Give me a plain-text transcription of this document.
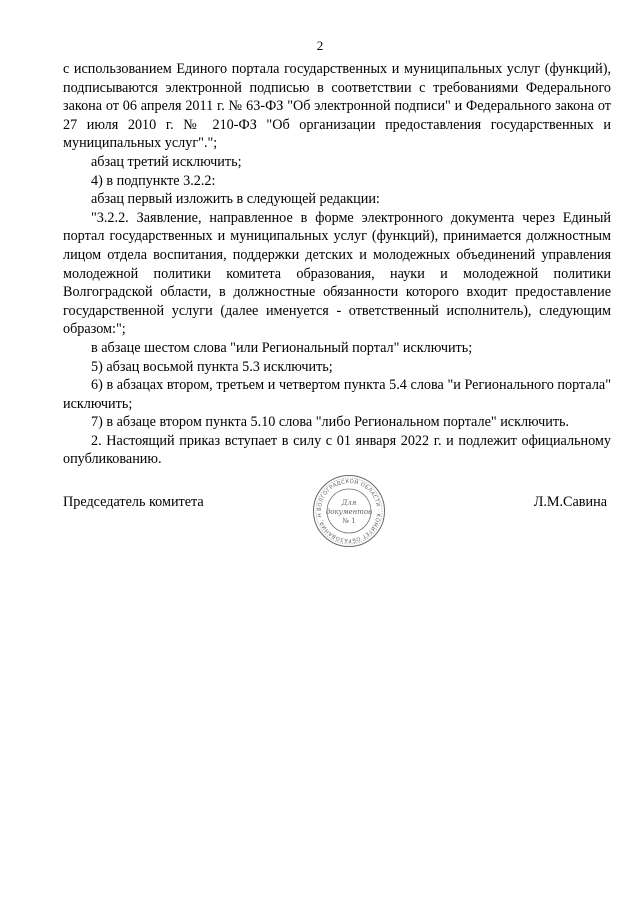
2

с использованием Единого портала государственных и муниципальных услуг (функций), подписываются электронной подписью в соответствии с требованиями Федерального закона от 06 апреля 2011 г. № 63-ФЗ "Об электронной подписи" и Федерального закона от 27 июля 2010 г. № 210-ФЗ "Об организации предоставления государственных и муниципальных услуг".";

абзац третий исключить;

4) в подпункте 3.2.2:

абзац первый изложить в следующей редакции:

"3.2.2. Заявление, направленное в форме электронного документа через Единый портал государственных и муниципальных услуг (функций), принимается должностным лицом отдела воспитания, поддержки детских и молодежных объединений управления молодежной политики комитета образования, науки и молодежной политики Волгоградской области, в должностные обязанности которого входит предоставление государственной услуги (далее именуется - ответственный исполнитель), следующим образом:";

в абзаце шестом слова "или Региональный портал" исключить;

5) абзац восьмой пункта 5.3 исключить;

6) в абзацах втором, третьем и четвертом пункта 5.4 слова "и Регионального портала" исключить;

7) в абзаце втором пункта 5.10 слова "либо Региональном портале" исключить.

2. Настоящий приказ вступает в силу с 01 января 2022 г. и подлежит официальному опубликованию.

Председатель комитета	ВОЛГОГРАДСКОЙ ОБЛАСТИ · КОМИТЕТ ОБРАЗОВАНИЯ, Н
Для
документов
№ 1
Л.М.Савина
